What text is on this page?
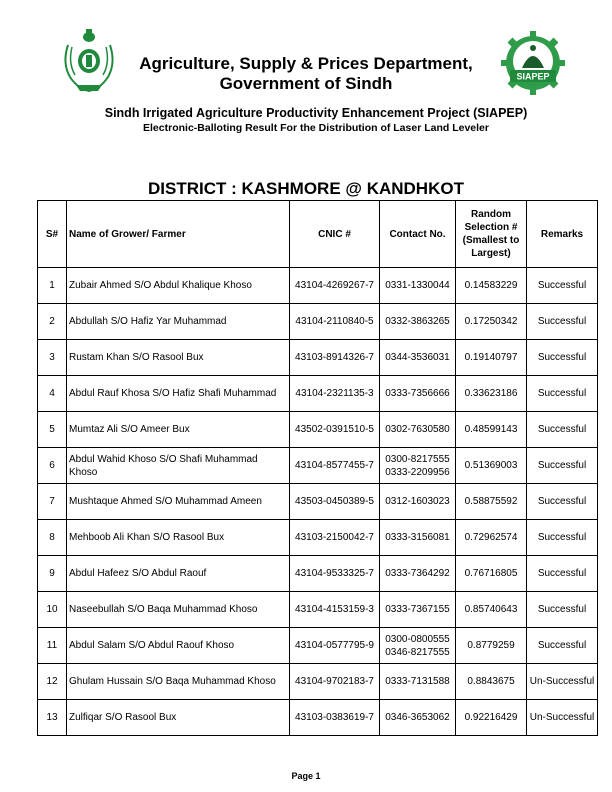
Agriculture, Supply & Prices Department,
Government of Sindh	SIAPEP
Sindh Irrigated Agriculture Productivity Enhancement Project (SIAPEP)
Electronic-Balloting Result For the Distribution of Laser Land Leveler
DISTRICT : KASHMORE @ KANDHKOT
S#	Name of Grower/ Farmer	CNIC #	Contact No.	Random Selection # (Smallest to Largest)	Remarks
1	Zubair Ahmed S/O Abdul Khalique Khoso	43104-4269267-7	0331-1330044	0.14583229	Successful
2	Abdullah S/O Hafiz Yar Muhammad	43104-2110840-5	0332-3863265	0.17250342	Successful
3	Rustam Khan S/O Rasool Bux	43103-8914326-7	0344-3536031	0.19140797	Successful
4	Abdul Rauf Khosa S/O Hafiz Shafi Muhammad	43104-2321135-3	0333-7356666	0.33623186	Successful
5	Mumtaz Ali S/O Ameer Bux	43502-0391510-5	0302-7630580	0.48599143	Successful
6	Abdul Wahid Khoso S/O Shafi Muhammad Khoso	43104-8577455-7	0300-8217555
0333-2209956	0.51369003	Successful
7	Mushtaque Ahmed S/O Muhammad Ameen	43503-0450389-5	0312-1603023	0.58875592	Successful
8	Mehboob Ali Khan S/O Rasool Bux	43103-2150042-7	0333-3156081	0.72962574	Successful
9	Abdul Hafeez S/O Abdul Raouf	43104-9533325-7	0333-7364292	0.76716805	Successful
10	Naseebullah S/O Baqa Muhammad Khoso	43104-4153159-3	0333-7367155	0.85740643	Successful
11	Abdul Salam S/O Abdul Raouf Khoso	43104-0577795-9	0300-0800555
0346-8217555	0.8779259	Successful
12	Ghulam Hussain S/O Baqa Muhammad Khoso	43104-9702183-7	0333-7131588	0.8843675	Un-Successful
13	Zulfiqar S/O Rasool Bux	43103-0383619-7	0346-3653062	0.92216429	Un-Successful
Page 1
